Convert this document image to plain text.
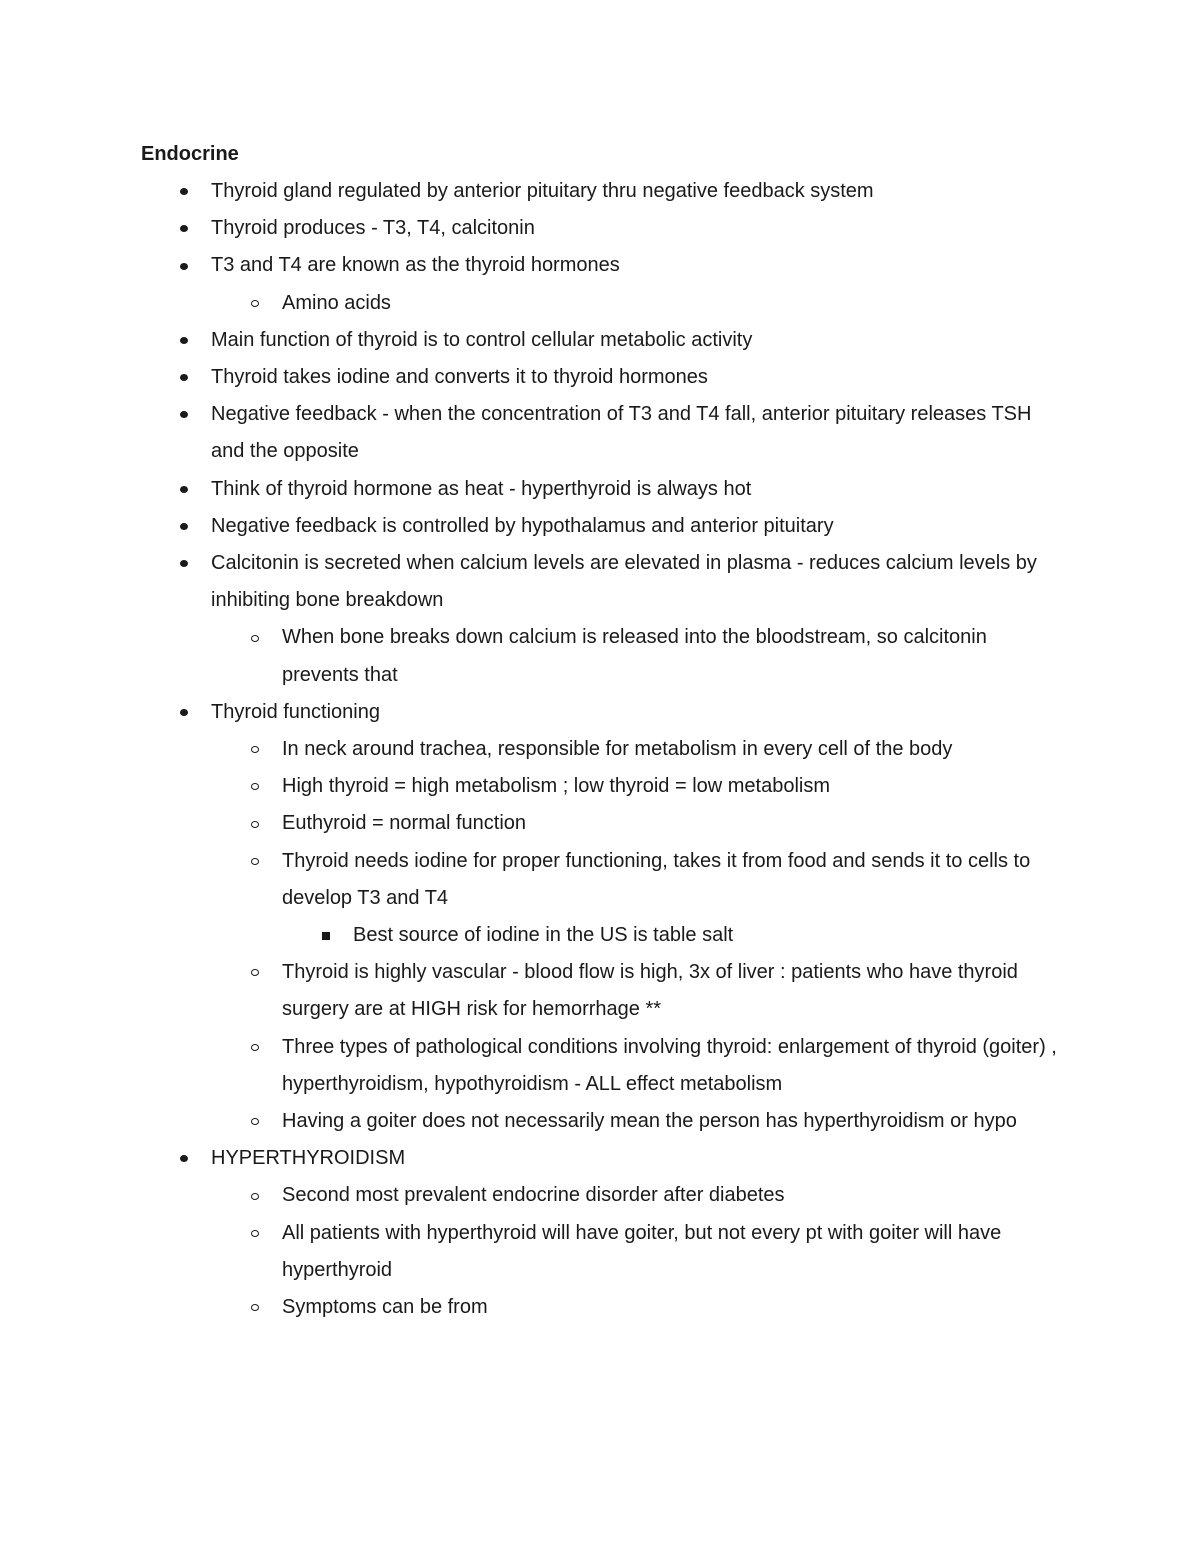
Endocrine
Thyroid gland regulated by anterior pituitary thru negative feedback system
Thyroid produces - T3, T4, calcitonin
T3 and T4 are known as the thyroid hormones
Amino acids
Main function of thyroid is to control cellular metabolic activity
Thyroid takes iodine and converts it to thyroid hormones
Negative feedback - when the concentration of T3 and T4 fall, anterior pituitary releases TSH and the opposite
Think of thyroid hormone as heat - hyperthyroid is always hot
Negative feedback is controlled by hypothalamus and anterior pituitary
Calcitonin is secreted when calcium levels are elevated in plasma - reduces calcium levels by inhibiting bone breakdown
When bone breaks down calcium is released into the bloodstream, so calcitonin prevents that
Thyroid functioning
In neck around trachea, responsible for metabolism in every cell of the body
High thyroid = high metabolism ; low thyroid = low metabolism
Euthyroid = normal function
Thyroid needs iodine for proper functioning, takes it from food and sends it to cells to develop T3 and T4
Best source of iodine in the US is table salt
Thyroid is highly vascular - blood flow is high, 3x of liver : patients who have thyroid surgery are at HIGH risk for hemorrhage **
Three types of pathological conditions involving thyroid: enlargement of thyroid (goiter) , hyperthyroidism, hypothyroidism - ALL effect metabolism
Having a goiter does not necessarily mean the person has hyperthyroidism or hypo
HYPERTHYROIDISM
Second most prevalent endocrine disorder after diabetes
All patients with hyperthyroid will have goiter, but not every pt with goiter will have hyperthyroid
Symptoms can be from
